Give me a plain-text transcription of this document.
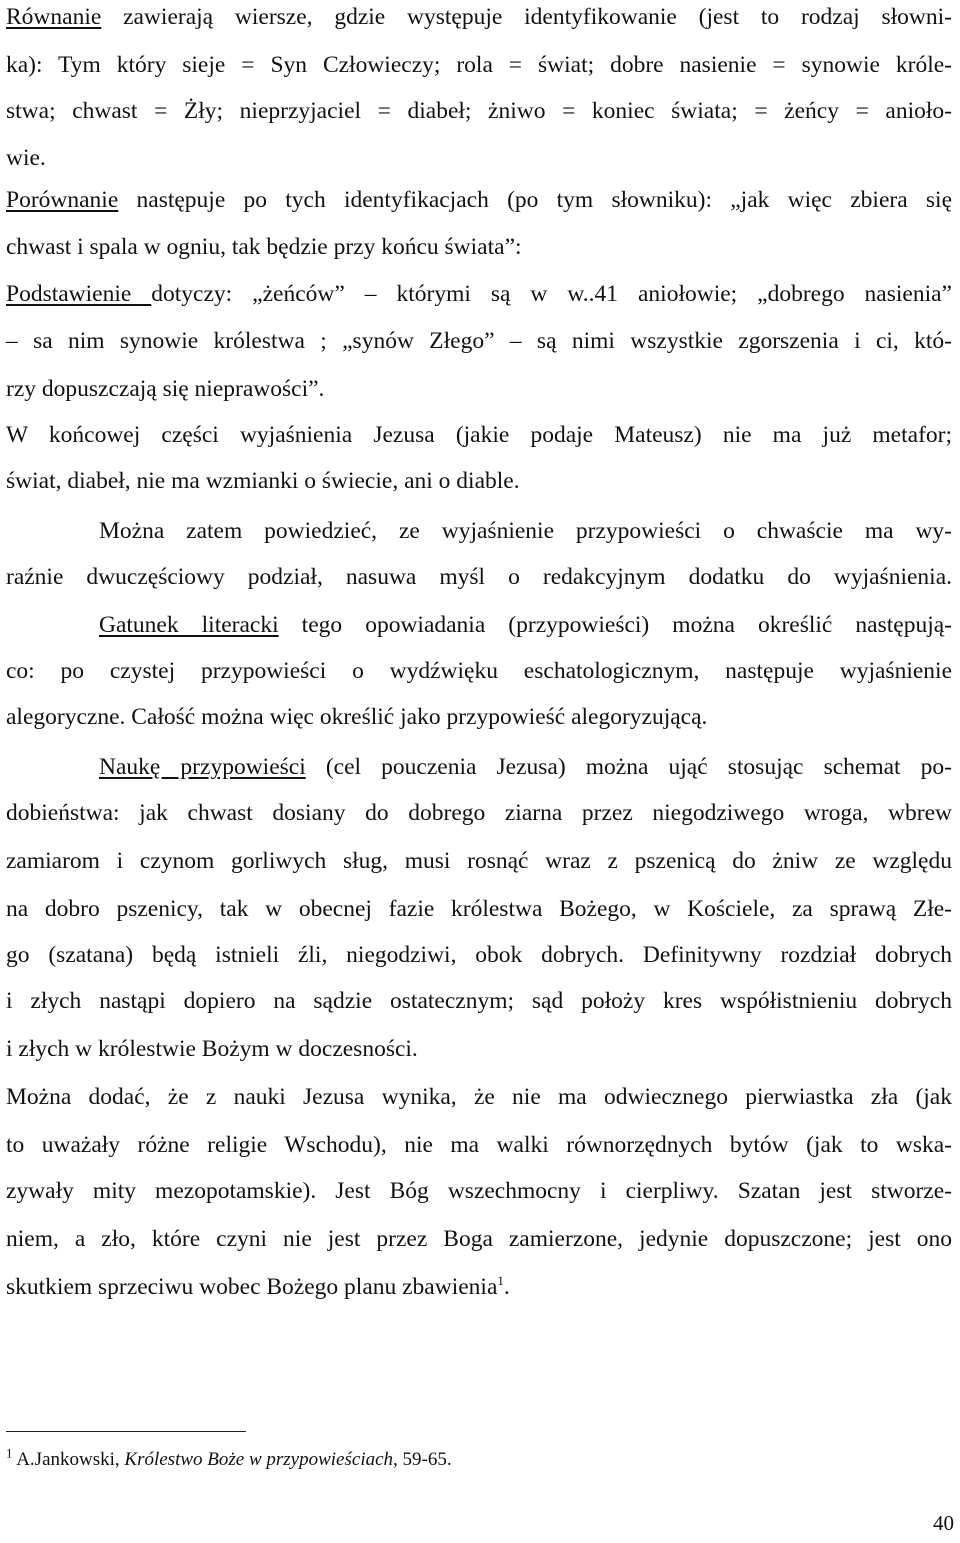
Równanie zawierają wiersze, gdzie występuje identyfikowanie (jest to rodzaj słowni-
ka): Tym który sieje = Syn Człowieczy; rola = świat; dobre nasienie = synowie króle-
stwa; chwast = Żły; nieprzyjaciel = diabeł; żniwo = koniec świata; = żeńcy = anioło-
wie.
Porównanie następuje po tych identyfikacjach (po tym słowniku): „jak więc zbiera się
chwast i spala w ogniu, tak będzie przy końcu świata”:
Podstawienie dotyczy: „żeńców” – którymi są w w..41 aniołowie; „dobrego nasienia”
– sa nim synowie królestwa ; „synów Złego” – są nimi wszystkie zgorszenia i ci, któ-
rzy dopuszczają się nieprawości”.
W końcowej części wyjaśnienia Jezusa (jakie podaje Mateusz) nie ma już metafor;
świat, diabeł, nie ma wzmianki o świecie, ani o diable.
Można zatem powiedzieć, ze wyjaśnienie przypowieści o chwaście ma wy-
raźnie dwuczęściowy podział, nasuwa myśl o redakcyjnym dodatku do wyjaśnienia.
Gatunek literacki tego opowiadania (przypowieści) można określić następują-
co: po czystej przypowieści o wydźwięku eschatologicznym, następuje wyjaśnienie
alegoryczne. Całość można więc określić jako przypowieść alegoryzującą.
Naukę przypowieści (cel pouczenia Jezusa) można ująć stosując schemat po-
dobieństwa: jak chwast dosiany do dobrego ziarna przez niegodziwego wroga, wbrew
zamiarom i czynom gorliwych sług, musi rosnąć wraz z pszenicą do żniw ze względu
na dobro pszenicy, tak w obecnej fazie królestwa Bożego, w Kościele, za sprawą Złe-
go (szatana) będą istnieli źli, niegodziwi, obok dobrych. Definitywny rozdział dobrych
i złych nastąpi dopiero na sądzie ostatecznym; sąd położy kres współistnieniu dobrych
i złych w królestwie Bożym w doczesności.
Można dodać, że z nauki Jezusa wynika, że nie ma odwiecznego pierwiastka zła (jak
to uważały różne religie Wschodu), nie ma walki równorzędnych bytów (jak to wska-
zywały mity mezopotamskie). Jest Bóg wszechmocny i cierpliwy. Szatan jest stworze-
niem, a zło, które czyni nie jest przez Boga zamierzone, jedynie dopuszczone; jest ono
skutkiem sprzeciwu wobec Bożego planu zbawienia$^1$.
$^1$ A.Jankowski, Królestwo Boże w przypowieściach, 59-65.
40
